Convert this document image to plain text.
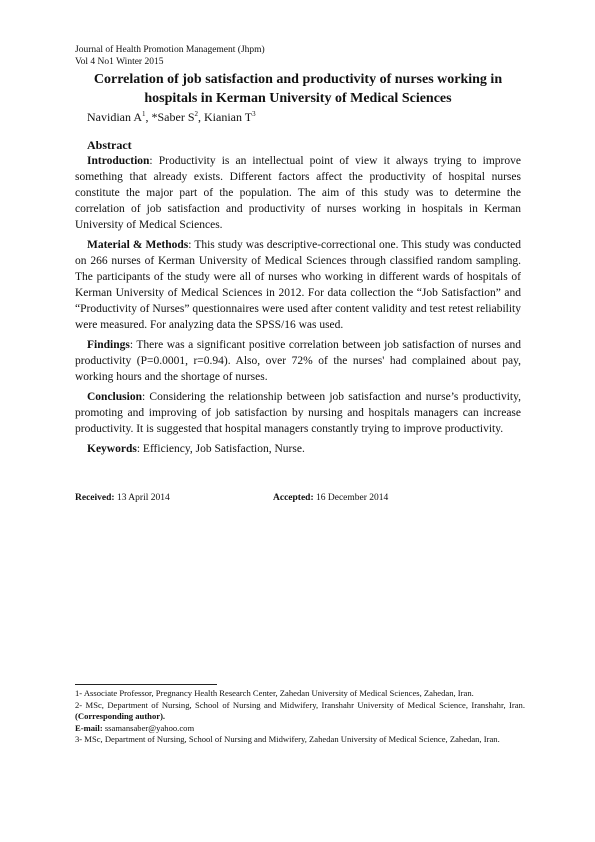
Journal of Health Promotion Management (Jhpm)
Vol 4 No1 Winter 2015
Correlation of job satisfaction and productivity of nurses working in
hospitals in Kerman University of Medical Sciences
Navidian $A^1$, *Saber $S^2$, Kianian $T^3$
Abstract

Introduction: Productivity is an intellectual point of view it always trying to improve something that already exists. Different factors affect the productivity of hospital nurses constitute the major part of the population. The aim of this study was to determine the correlation of job satisfaction and productivity of nurses working in hospitals in Kerman University of Medical Sciences.

Material & Methods: This study was descriptive-correctional one. This study was conducted on 266 nurses of Kerman University of Medical Sciences through classified random sampling. The participants of the study were all of nurses who working in different wards of hospitals of Kerman University of Medical Sciences in 2012. For data collection the “Job Satisfaction” and “Productivity of Nurses” questionnaires were used after content validity and test retest reliability were measured. For analyzing data the SPSS/16 was used.

Findings: There was a significant positive correlation between job satisfaction of nurses and productivity (P=0.0001, r=0.94). Also, over 72% of the nurses' had complained about pay, working hours and the shortage of nurses.

Conclusion: Considering the relationship between job satisfaction and nurse’s productivity, promoting and improving of job satisfaction by nursing and hospitals managers can increase productivity. It is suggested that hospital managers constantly trying to improve productivity.

Keywords: Efficiency, Job Satisfaction, Nurse.

Received: 13 April 2014	Accepted: 16 December 2014
1- Associate Professor, Pregnancy Health Research Center, Zahedan University of Medical Sciences, Zahedan, Iran.
2- MSc, Department of Nursing, School of Nursing and Midwifery, Iranshahr University of Medical Science, Iranshahr, Iran. (Corresponding author).
E-mail: ssamansaber@yahoo.com
3- MSc, Department of Nursing, School of Nursing and Midwifery, Zahedan University of Medical Science, Zahedan, Iran.
